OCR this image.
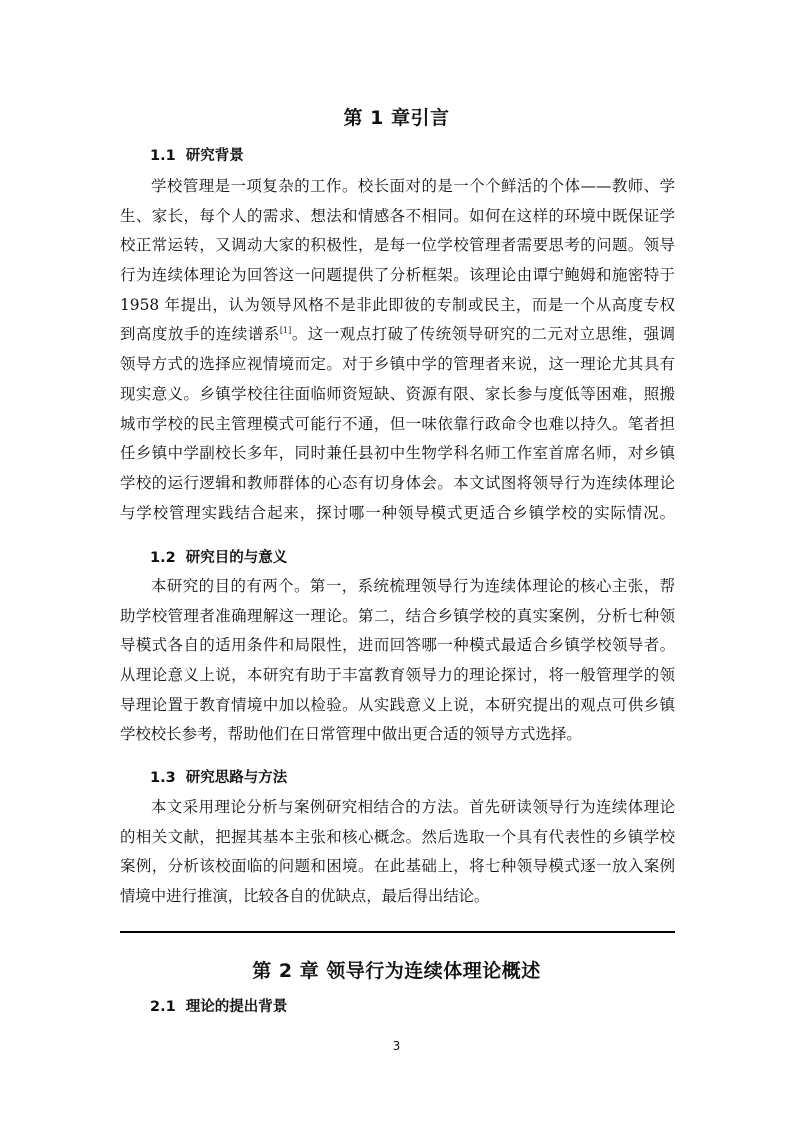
第 1 章引言
1.1  研究背景
学校管理是一项复杂的工作。校长面对的是一个个鲜活的个体——教师、学
生、家长，每个人的需求、想法和情感各不相同。如何在这样的环境中既保证学
校正常运转，又调动大家的积极性，是每一位学校管理者需要思考的问题。领导
行为连续体理论为回答这一问题提供了分析框架。该理论由谭宁鲍姆和施密特于
1958 年提出，认为领导风格不是非此即彼的专制或民主，而是一个从高度专权
到高度放手的连续谱系[1]。这一观点打破了传统领导研究的二元对立思维，强调
领导方式的选择应视情境而定。对于乡镇中学的管理者来说，这一理论尤其具有
现实意义。乡镇学校往往面临师资短缺、资源有限、家长参与度低等困难，照搬
城市学校的民主管理模式可能行不通，但一味依靠行政命令也难以持久。笔者担
任乡镇中学副校长多年，同时兼任县初中生物学科名师工作室首席名师，对乡镇
学校的运行逻辑和教师群体的心态有切身体会。本文试图将领导行为连续体理论
与学校管理实践结合起来，探讨哪一种领导模式更适合乡镇学校的实际情况。
1.2  研究目的与意义
本研究的目的有两个。第一，系统梳理领导行为连续体理论的核心主张，帮
助学校管理者准确理解这一理论。第二，结合乡镇学校的真实案例，分析七种领
导模式各自的适用条件和局限性，进而回答哪一种模式最适合乡镇学校领导者。
从理论意义上说，本研究有助于丰富教育领导力的理论探讨，将一般管理学的领
导理论置于教育情境中加以检验。从实践意义上说，本研究提出的观点可供乡镇
学校校长参考，帮助他们在日常管理中做出更合适的领导方式选择。
1.3  研究思路与方法
本文采用理论分析与案例研究相结合的方法。首先研读领导行为连续体理论
的相关文献，把握其基本主张和核心概念。然后选取一个具有代表性的乡镇学校
案例，分析该校面临的问题和困境。在此基础上，将七种领导模式逐一放入案例
情境中进行推演，比较各自的优缺点，最后得出结论。
第 2 章 领导行为连续体理论概述
2.1  理论的提出背景
3
